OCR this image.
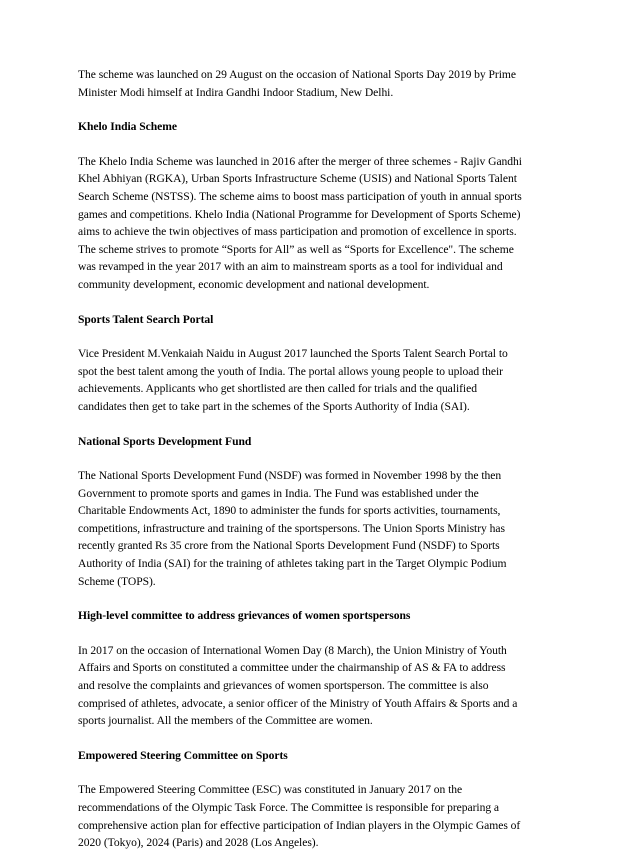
The scheme was launched on 29 August on the occasion of National Sports Day 2019 by Prime
Minister Modi himself at Indira Gandhi Indoor Stadium, New Delhi.
Khelo India Scheme
The Khelo India Scheme was launched in 2016 after the merger of three schemes - Rajiv Gandhi
Khel Abhiyan (RGKA), Urban Sports Infrastructure Scheme (USIS) and National Sports Talent
Search Scheme (NSTSS). The scheme aims to boost mass participation of youth in annual sports
games and competitions. Khelo India (National Programme for Development of Sports Scheme)
aims to achieve the twin objectives of mass participation and promotion of excellence in sports.
The scheme strives to promote “Sports for All” as well as “Sports for Excellence". The scheme
was revamped in the year 2017 with an aim to mainstream sports as a tool for individual and
community development, economic development and national development.
Sports Talent Search Portal
Vice President M.Venkaiah Naidu in August 2017 launched the Sports Talent Search Portal to
spot the best talent among the youth of India. The portal allows young people to upload their
achievements. Applicants who get shortlisted are then called for trials and the qualified
candidates then get to take part in the schemes of the Sports Authority of India (SAI).
National Sports Development Fund
The National Sports Development Fund (NSDF) was formed in November 1998 by the then
Government to promote sports and games in India. The Fund was established under the
Charitable Endowments Act, 1890 to administer the funds for sports activities, tournaments,
competitions, infrastructure and training of the sportspersons. The Union Sports Ministry has
recently granted Rs 35 crore from the National Sports Development Fund (NSDF) to Sports
Authority of India (SAI) for the training of athletes taking part in the Target Olympic Podium
Scheme (TOPS).
High-level committee to address grievances of women sportspersons
In 2017 on the occasion of International Women Day (8 March), the Union Ministry of Youth
Affairs and Sports on constituted a committee under the chairmanship of AS & FA to address
and resolve the complaints and grievances of women sportsperson. The committee is also
comprised of athletes, advocate, a senior officer of the Ministry of Youth Affairs & Sports and a
sports journalist. All the members of the Committee are women.
Empowered Steering Committee on Sports
The Empowered Steering Committee (ESC) was constituted in January 2017 on the
recommendations of the Olympic Task Force. The Committee is responsible for preparing a
comprehensive action plan for effective participation of Indian players in the Olympic Games of
2020 (Tokyo), 2024 (Paris) and 2028 (Los Angeles).
